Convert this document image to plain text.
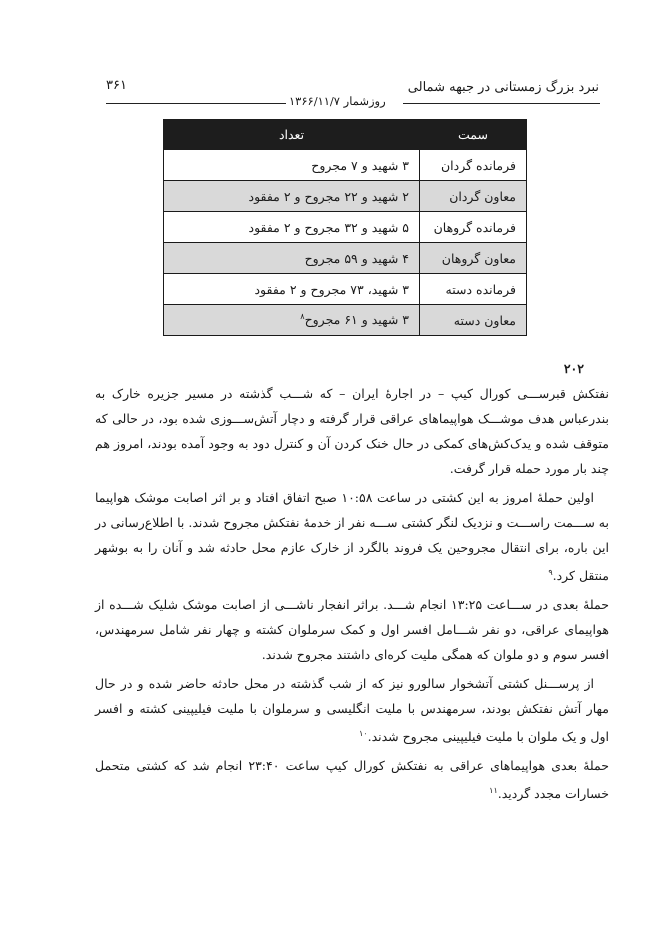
نبرد بزرگ زمستانی در جبهه شمالی
۳۶۱
روزشمار ۱۳۶۶/۱۱/۷
سمت	تعداد
فرمانده گردان	۳ شهید و ۷ مجروح
معاون گردان	۲ شهید و ۲۲ مجروح و ۲ مفقود
فرمانده گروهان	۵ شهید و ۳۲ مجروح و ۲ مفقود
معاون گروهان	۴ شهید و ۵۹ مجروح
فرمانده دسته	۳ شهید، ۷۳ مجروح و ۲ مفقود
معاون دسته	۳ شهید و ۶۱ مجروح$^۸$
۲۰۲

نفتکش قبرســـی کورال کیپ – در اجارهٔ ایران – که شـــب گذشته در مسیر جزیره خارک به بندرعباس هدف موشـــک هواپیماهای عراقی قرار گرفته و دچار آتش‌ســـوزی شده بود، در حالی که متوقف شده و یدک‌کش‌های کمکی در حال خنک کردن آن و کنترل دود به وجود آمده بودند، امروز هم چند بار مورد حمله قرار گرفت.

اولین حملهٔ امروز به این کشتی در ساعت ۱۰:۵۸ صبح اتفاق افتاد و بر اثر اصابت موشک هواپیما به ســـمت راســـت و نزدیک لنگر کشتی ســـه نفر از خدمهٔ نفتکش مجروح شدند. با اطلاع‌رسانی در این باره، برای انتقال مجروحین یک فروند بالگرد از خارک عازم محل حادثه شد و آنان را به بوشهر منتقل کرد.$^۹$

حملهٔ بعدی در ســـاعت ۱۳:۲۵ انجام شـــد. براثر انفجار ناشـــی از اصابت موشک شلیک شـــده از هواپیمای عراقی، دو نفر شـــامل افسر اول و کمک سرملوان کشته و چهار نفر شامل سرمهندس، افسر سوم و دو ملوان که همگی ملیت کره‌ای داشتند مجروح شدند.

از پرســـنل کشتی آتشخوار سالورو نیز که از شب گذشته در محل حادثه حاضر شده و در حال مهار آتش نفتکش بودند، سرمهندس با ملیت انگلیسی و سرملوان با ملیت فیلیپینی کشته و افسر اول و یک ملوان با ملیت فیلیپینی مجروح شدند.$^{۱۰}$

حملهٔ بعدی هواپیماهای عراقی به نفتکش کورال کیپ ساعت ۲۳:۴۰ انجام شد که کشتی متحمل خسارات مجدد گردید.$^{۱۱}$
